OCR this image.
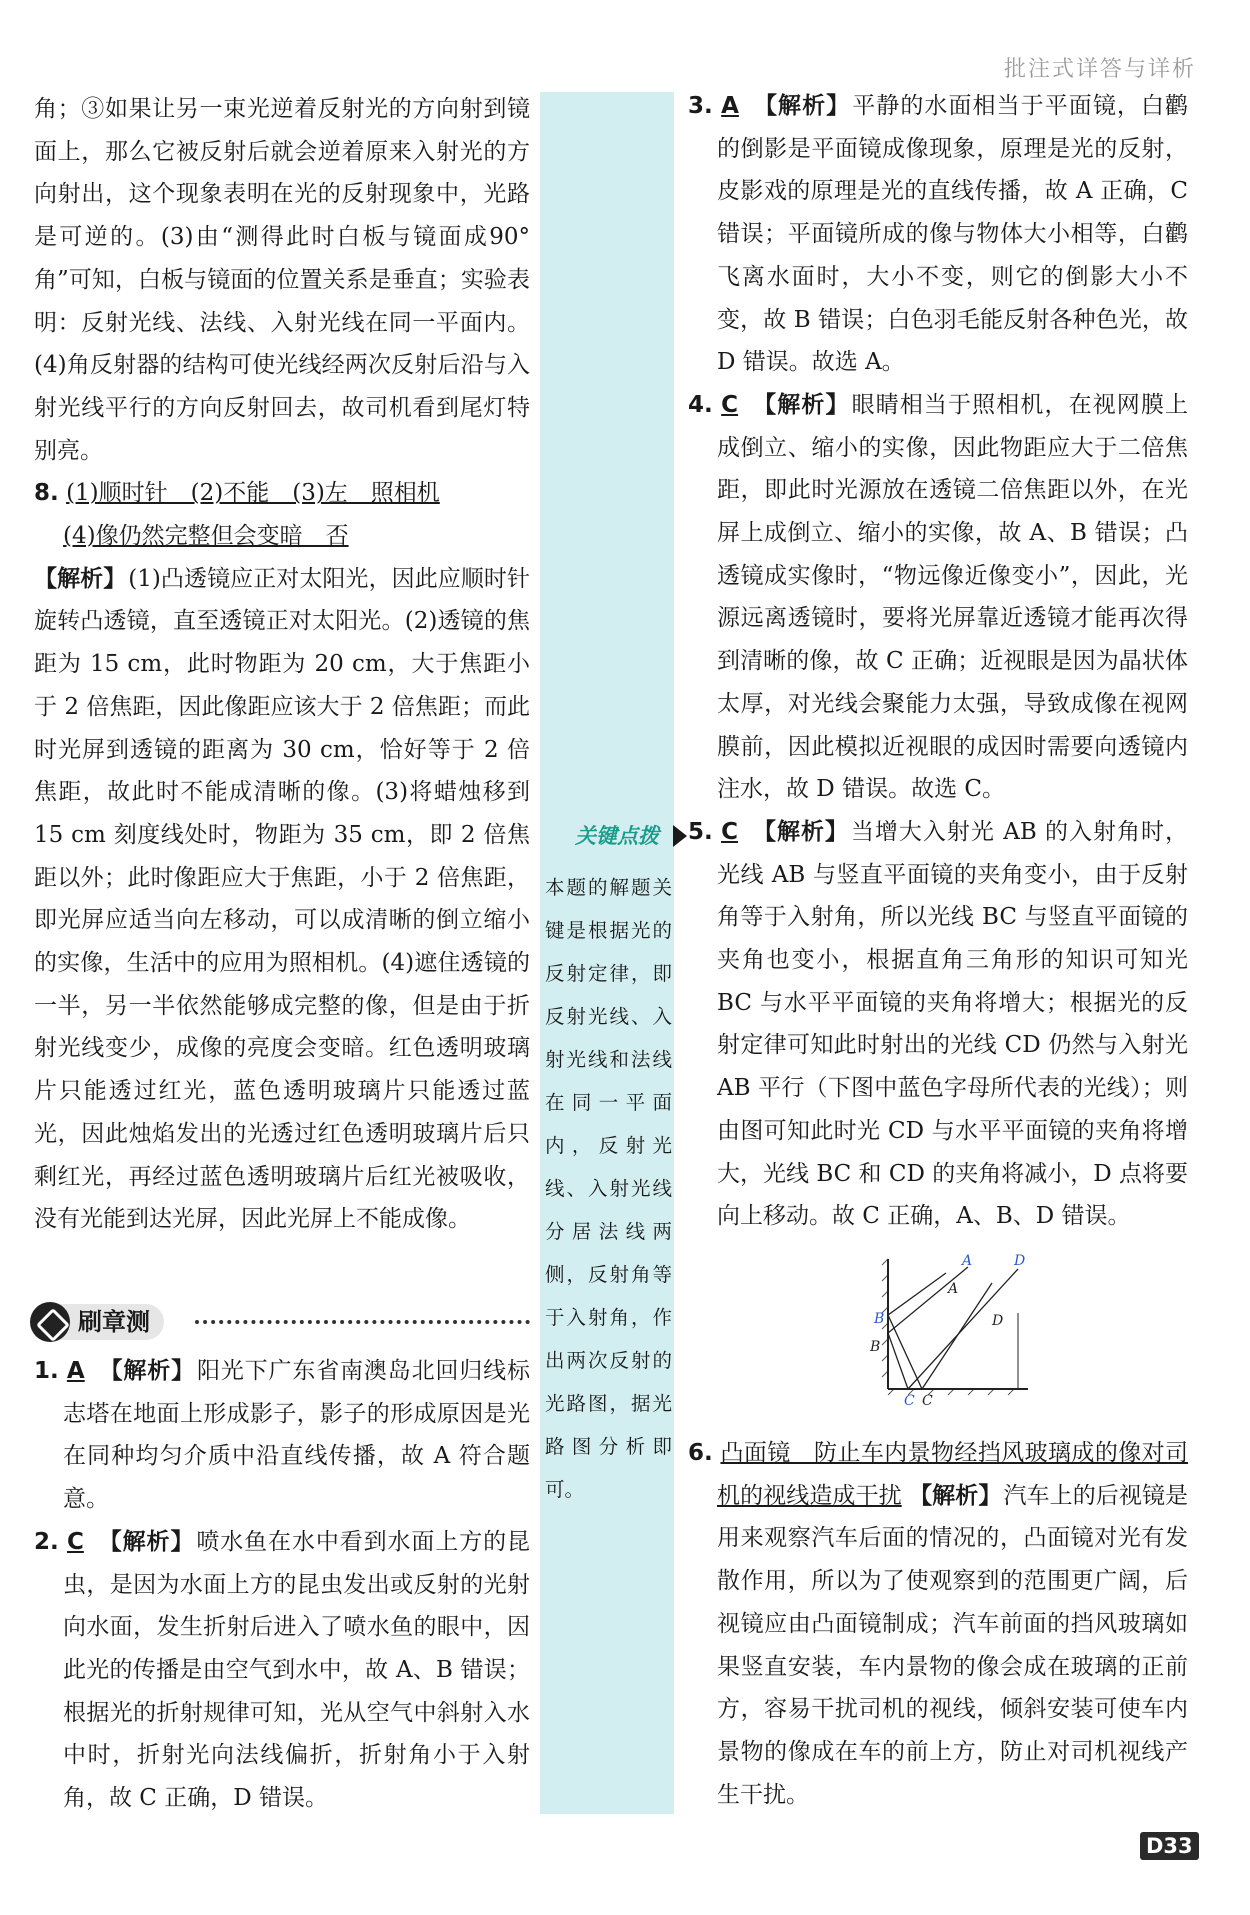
批注式详答与详析
关键点拨
本题的解题关键是根据光的反射定律，即反射光线、入射光线和法线在同一平面内，反射光线、入射光线分居法线两侧，反射角等于入射角，作出两次反射的光路图，据光路图分析即可。

角；③如果让另一束光逆着反射光的方向射到镜面上，那么它被反射后就会逆着原来入射光的方向射出，这个现象表明在光的反射现象中，光路是可逆的。(3)由“测得此时白板与镜面成90°角”可知，白板与镜面的位置关系是垂直；实验表明：反射光线、法线、入射光线在同一平面内。(4)角反射器的结构可使光线经两次反射后沿与入射光线平行的方向反射回去，故司机看到尾灯特别亮。

8. (1)顺时针　(2)不能　(3)左　照相机
(4)像仍然完整但会变暗　否

【解析】(1)凸透镜应正对太阳光，因此应顺时针旋转凸透镜，直至透镜正对太阳光。(2)透镜的焦距为 15 cm，此时物距为 20 cm，大于焦距小于 2 倍焦距，因此像距应该大于 2 倍焦距；而此时光屏到透镜的距离为 30 cm，恰好等于 2 倍焦距，故此时不能成清晰的像。(3)将蜡烛移到 15 cm 刻度线处时，物距为 35 cm，即 2 倍焦距以外；此时像距应大于焦距，小于 2 倍焦距，即光屏应适当向左移动，可以成清晰的倒立缩小的实像，生活中的应用为照相机。(4)遮住透镜的一半，另一半依然能够成完整的像，但是由于折射光线变少，成像的亮度会变暗。红色透明玻璃片只能透过红光，蓝色透明玻璃片只能透过蓝光，因此烛焰发出的光透过红色透明玻璃片后只剩红光，再经过蓝色透明玻璃片后红光被吸收，没有光能到达光屏，因此光屏上不能成像。

刷章测

1. A 【解析】阳光下广东省南澳岛北回归线标志塔在地面上形成影子，影子的形成原因是光在同种均匀介质中沿直线传播，故 A 符合题意。

2. C 【解析】喷水鱼在水中看到水面上方的昆虫，是因为水面上方的昆虫发出或反射的光射向水面，发生折射后进入了喷水鱼的眼中，因此光的传播是由空气到水中，故 A、B 错误；根据光的折射规律可知，光从空气中斜射入水中时，折射光向法线偏折，折射角小于入射角，故 C 正确，D 错误。

3. A 【解析】平静的水面相当于平面镜，白鹳的倒影是平面镜成像现象，原理是光的反射，皮影戏的原理是光的直线传播，故 A 正确，C 错误；平面镜所成的像与物体大小相等，白鹳飞离水面时，大小不变，则它的倒影大小不变，故 B 错误；白色羽毛能反射各种色光，故 D 错误。故选 A。

4. C 【解析】眼睛相当于照相机，在视网膜上成倒立、缩小的实像，因此物距应大于二倍焦距，即此时光源放在透镜二倍焦距以外，在光屏上成倒立、缩小的实像，故 A、B 错误；凸透镜成实像时，“物远像近像变小”，因此，光源远离透镜时，要将光屏靠近透镜才能再次得到清晰的像，故 C 正确；近视眼是因为晶状体太厚，对光线会聚能力太强，导致成像在视网膜前，因此模拟近视眼的成因时需要向透镜内注水，故 D 错误。故选 C。

5. C 【解析】当增大入射光 AB 的入射角时，光线 AB 与竖直平面镜的夹角变小，由于反射角等于入射角，所以光线 BC 与竖直平面镜的夹角也变小，根据直角三角形的知识可知光 BC 与水平平面镜的夹角将增大；根据光的反射定律可知此时射出的光线 CD 仍然与入射光 AB 平行（下图中蓝色字母所代表的光线）；则由图可知此时光 CD 与水平平面镜的夹角将增大，光线 BC 和 CD 的夹角将减小，D 点将要向上移动。故 C 正确，A、B、D 错误。

6. 凸面镜　防止车内景物经挡风玻璃成的像对司机的视线造成干扰 【解析】汽车上的后视镜是用来观察汽车后面的情况的，凸面镜对光有发散作用，所以为了使观察到的范围更广阔，后视镜应由凸面镜制成；汽车前面的挡风玻璃如果竖直安装，车内景物的像会成在玻璃的正前方，容易干扰司机的视线，倾斜安装可使车内景物的像成在车的前上方，防止对司机视线产生干扰。

A
A
D
D
B
B
C C
D33
